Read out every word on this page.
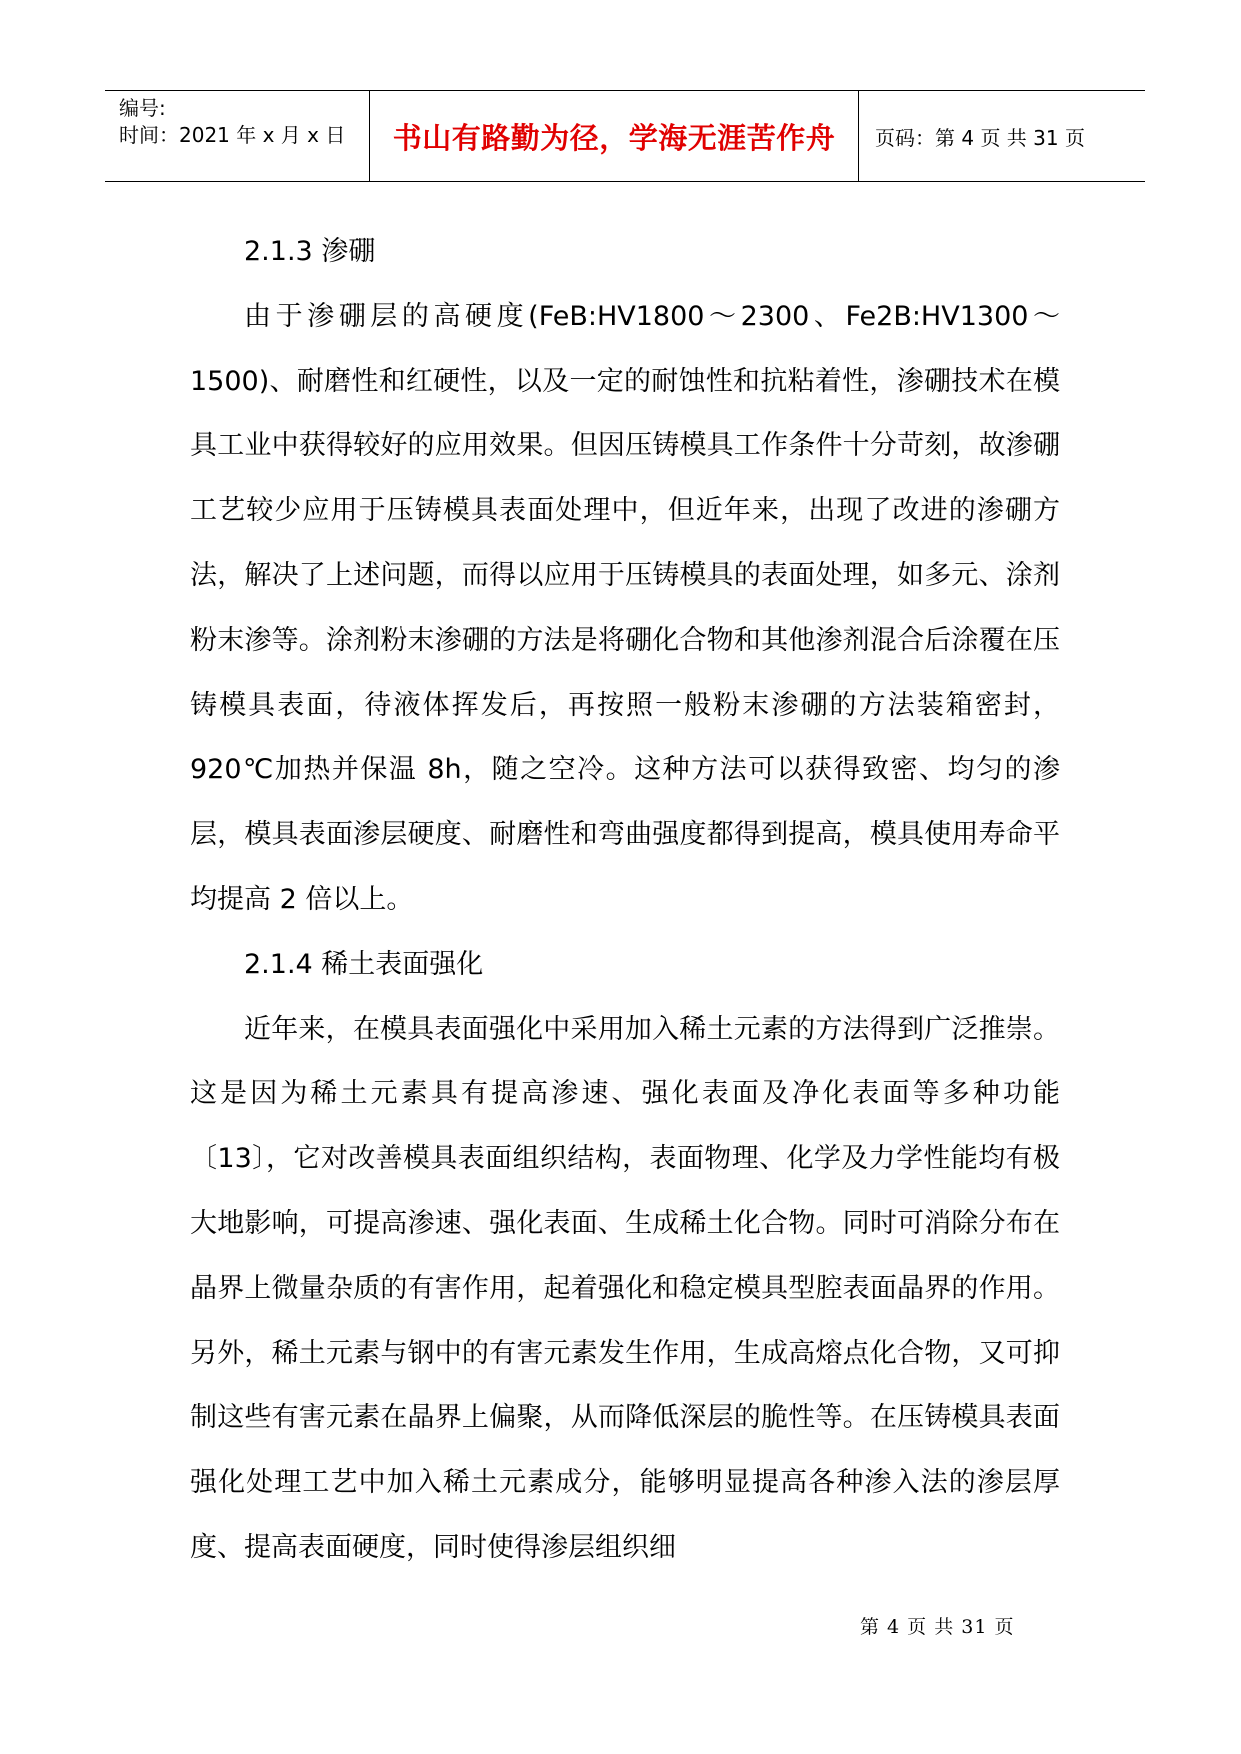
编号:
时间：2021 年 x 月 x 日	书山有路勤为径，学海无涯苦作舟	页码：第 4 页 共 31 页
2.1.3 渗硼

由于渗硼层的高硬度(FeB:HV1800～2300、Fe2B:HV1300～1500)、耐磨性和红硬性，以及一定的耐蚀性和抗粘着性，渗硼技术在模具工业中获得较好的应用效果。但因压铸模具工作条件十分苛刻，故渗硼工艺较少应用于压铸模具表面处理中，但近年来，出现了改进的渗硼方法，解决了上述问题，而得以应用于压铸模具的表面处理，如多元、涂剂粉末渗等。涂剂粉末渗硼的方法是将硼化合物和其他渗剂混合后涂覆在压铸模具表面，待液体挥发后，再按照一般粉末渗硼的方法装箱密封，920℃加热并保温 8h，随之空冷。这种方法可以获得致密、均匀的渗层，模具表面渗层硬度、耐磨性和弯曲强度都得到提高，模具使用寿命平均提高 2 倍以上。

2.1.4 稀土表面强化

近年来，在模具表面强化中采用加入稀土元素的方法得到广泛推崇。这是因为稀土元素具有提高渗速、强化表面及净化表面等多种功能〔13〕，它对改善模具表面组织结构，表面物理、化学及力学性能均有极大地影响，可提高渗速、强化表面、生成稀土化合物。同时可消除分布在晶界上微量杂质的有害作用，起着强化和稳定模具型腔表面晶界的作用。另外，稀土元素与钢中的有害元素发生作用，生成高熔点化合物，又可抑制这些有害元素在晶界上偏聚，从而降低深层的脆性等。在压铸模具表面强化处理工艺中加入稀土元素成分，能够明显提高各种渗入法的渗层厚度、提高表面硬度，同时使得渗层组织细

第 4 页 共 31 页
